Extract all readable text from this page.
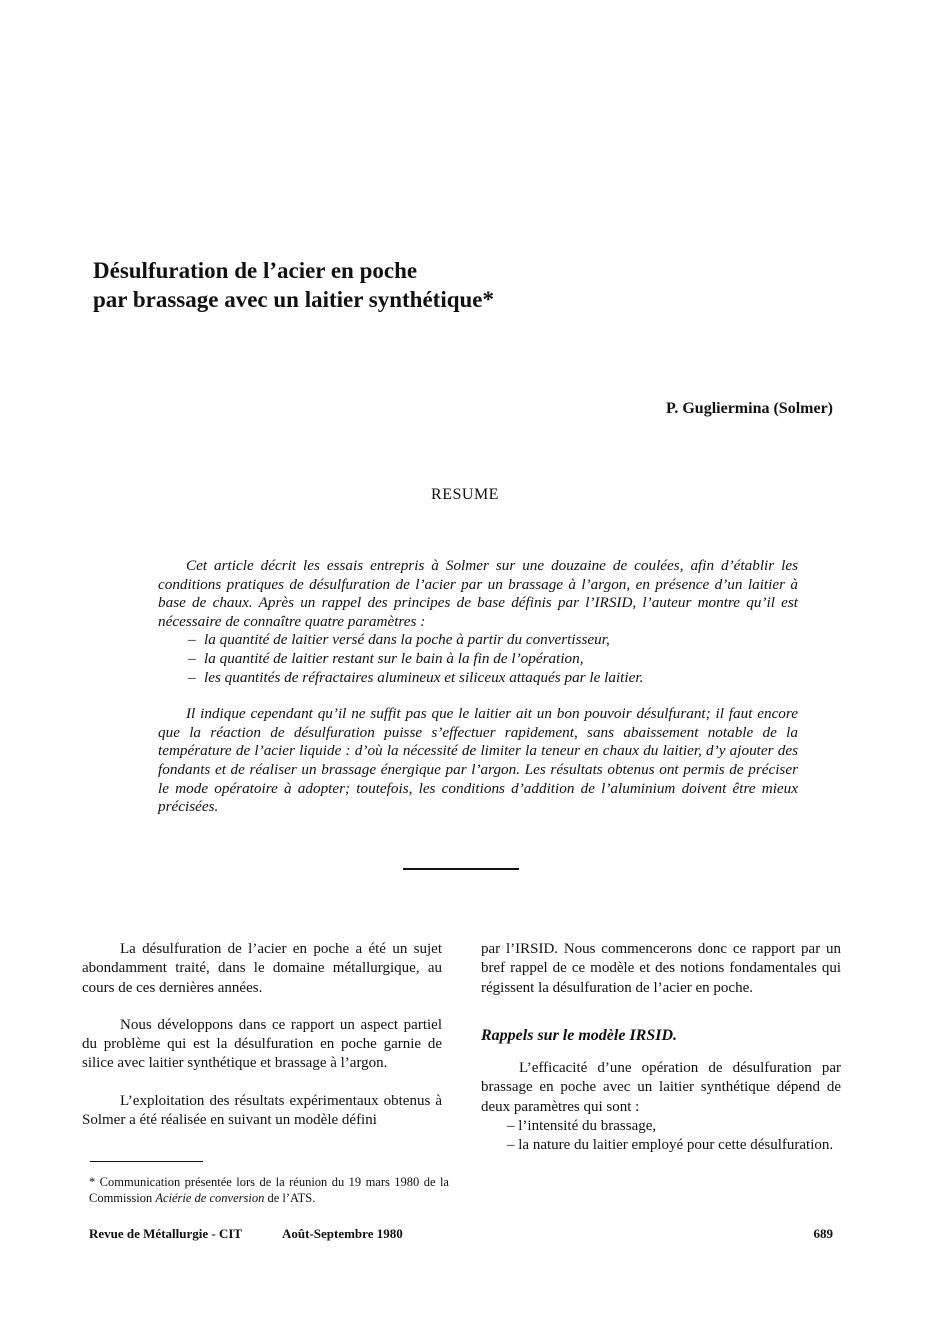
Désulfuration de l’acier en poche
par brassage avec un laitier synthétique*
P. Gugliermina (Solmer)
RESUME

Cet article décrit les essais entrepris à Solmer sur une douzaine de coulées, afin d’établir les conditions pratiques de désulfuration de l’acier par un brassage à l’argon, en présence d’un laitier à base de chaux. Après un rappel des principes de base définis par l’IRSID, l’auteur montre qu’il est nécessaire de connaître quatre paramètres :

– la quantité de laitier versé dans la poche à partir du convertisseur,
– la quantité de laitier restant sur le bain à la fin de l’opération,
– les quantités de réfractaires alumineux et siliceux attaqués par le laitier.

Il indique cependant qu’il ne suffit pas que le laitier ait un bon pouvoir désulfurant; il faut encore que la réaction de désulfuration puisse s’effectuer rapidement, sans abaissement notable de la température de l’acier liquide : d’où la nécessité de limiter la teneur en chaux du laitier, d’y ajouter des fondants et de réaliser un brassage énergique par l’argon. Les résultats obtenus ont permis de préciser le mode opératoire à adopter; toutefois, les conditions d’addition de l’aluminium doivent être mieux précisées.

La désulfuration de l’acier en poche a été un sujet abondamment traité, dans le domaine métallurgique, au cours de ces dernières années.

Nous développons dans ce rapport un aspect partiel du problème qui est la désulfuration en poche garnie de silice avec laitier synthétique et brassage à l’argon.

L’exploitation des résultats expérimentaux obtenus à Solmer a été réalisée en suivant un modèle défini

par l’IRSID. Nous commencerons donc ce rapport par un bref rappel de ce modèle et des notions fondamentales qui régissent la désulfuration de l’acier en poche.

Rappels sur le modèle IRSID.

L’efficacité d’une opération de désulfuration par brassage en poche avec un laitier synthétique dépend de deux paramètres qui sont :

– l’intensité du brassage,

– la nature du laitier employé pour cette désulfuration.

* Communication présentée lors de la réunion du 19 mars 1980 de la Commission Aciérie de conversion de l’ATS.
Revue de Métallurgie - CIT	Août-Septembre 1980	689
